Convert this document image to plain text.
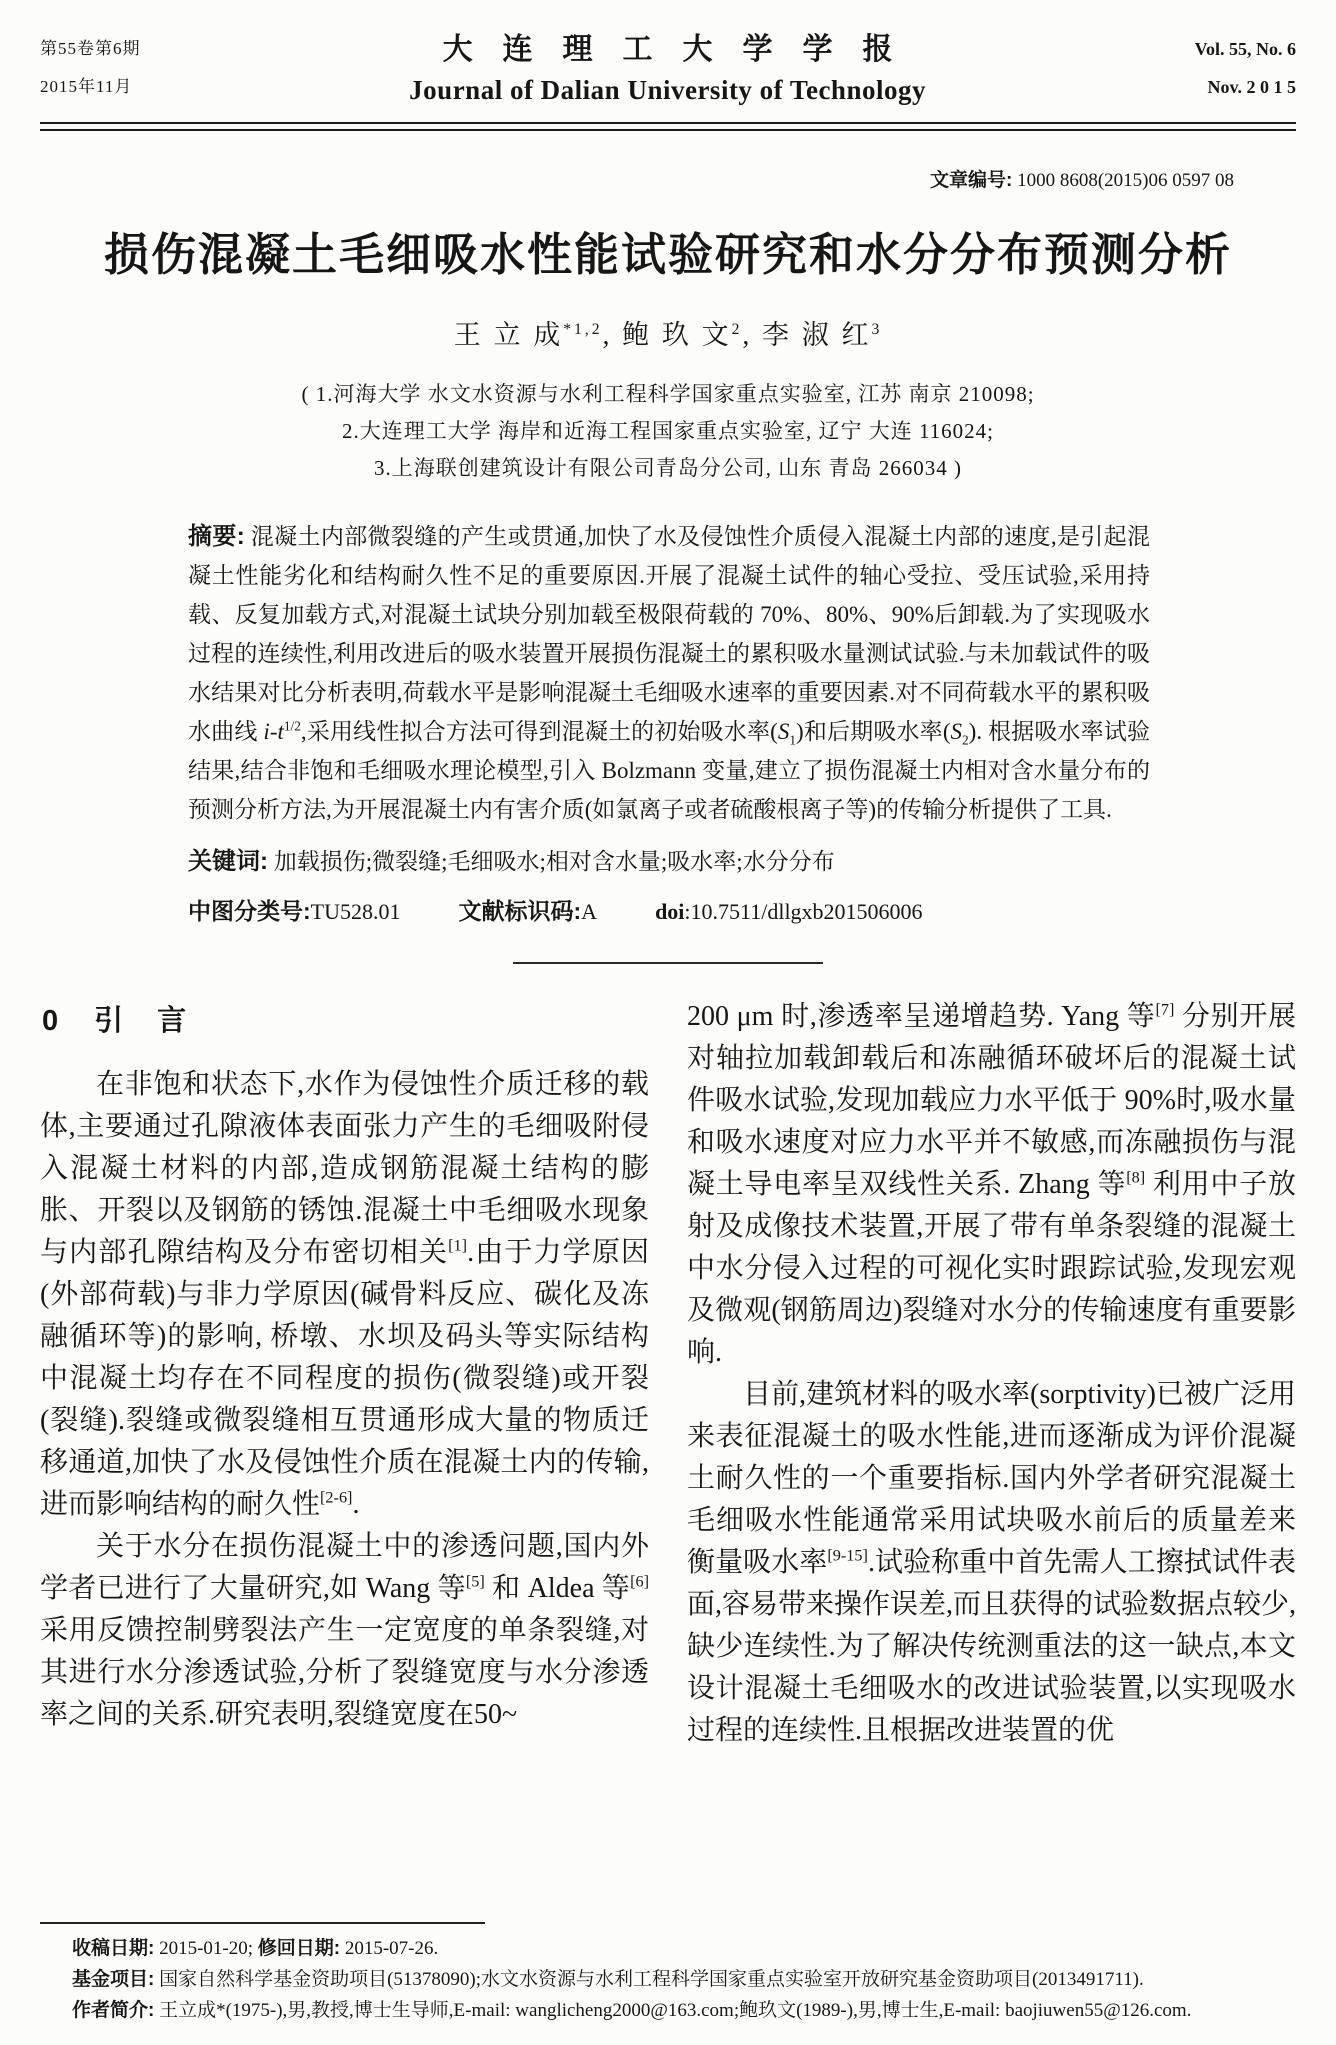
第55卷第6期
2015年11月
大连理工大学学报
Journal of Dalian University of Technology
Vol. 55, No. 6
Nov. 2 0 1 5
文章编号: 1000 8608(2015)06 0597 08
损伤混凝土毛细吸水性能试验研究和水分分布预测分析
王 立 成$^{*1,2}$, 鲍 玖 文$^2$, 李 淑 红$^3$
( 1.河海大学 水文水资源与水利工程科学国家重点实验室, 江苏 南京 210098;
2.大连理工大学 海岸和近海工程国家重点实验室, 辽宁 大连 116024;
3.上海联创建筑设计有限公司青岛分公司, 山东 青岛 266034 )
摘要: 混凝土内部微裂缝的产生或贯通,加快了水及侵蚀性介质侵入混凝土内部的速度,是引起混凝土性能劣化和结构耐久性不足的重要原因.开展了混凝土试件的轴心受拉、受压试验,采用持载、反复加载方式,对混凝土试块分别加载至极限荷载的 70%、80%、90%后卸载.为了实现吸水过程的连续性,利用改进后的吸水装置开展损伤混凝土的累积吸水量测试试验.与未加载试件的吸水结果对比分析表明,荷载水平是影响混凝土毛细吸水速率的重要因素.对不同荷载水平的累积吸水曲线 $i-t^{1/2}$,采用线性拟合方法可得到混凝土的初始吸水率$(S_1)$和后期吸水率$(S_2)$. 根据吸水率试验结果,结合非饱和毛细吸水理论模型,引入 Bolzmann 变量,建立了损伤混凝土内相对含水量分布的预测分析方法,为开展混凝土内有害介质(如氯离子或者硫酸根离子等)的传输分析提供了工具.
关键词: 加载损伤;微裂缝;毛细吸水;相对含水量;吸水率;水分分布
中图分类号:TU528.01	文献标识码:A	doi:10.7511/dllgxb201506006
0 引言

在非饱和状态下,水作为侵蚀性介质迁移的载体,主要通过孔隙液体表面张力产生的毛细吸附侵入混凝土材料的内部,造成钢筋混凝土结构的膨胀、开裂以及钢筋的锈蚀.混凝土中毛细吸水现象与内部孔隙结构及分布密切相关[1].由于力学原因(外部荷载)与非力学原因(碱骨料反应、碳化及冻融循环等)的影响, 桥墩、水坝及码头等实际结构中混凝土均存在不同程度的损伤(微裂缝)或开裂(裂缝).裂缝或微裂缝相互贯通形成大量的物质迁移通道,加快了水及侵蚀性介质在混凝土内的传输,进而影响结构的耐久性[2-6].

关于水分在损伤混凝土中的渗透问题,国内外学者已进行了大量研究,如 Wang 等[5] 和 Aldea 等[6]采用反馈控制劈裂法产生一定宽度的单条裂缝,对其进行水分渗透试验,分析了裂缝宽度与水分渗透率之间的关系.研究表明,裂缝宽度在50~

200 μm 时,渗透率呈递增趋势. Yang 等[7] 分别开展对轴拉加载卸载后和冻融循环破坏后的混凝土试件吸水试验,发现加载应力水平低于 90%时,吸水量和吸水速度对应力水平并不敏感,而冻融损伤与混凝土导电率呈双线性关系. Zhang 等[8] 利用中子放射及成像技术装置,开展了带有单条裂缝的混凝土中水分侵入过程的可视化实时跟踪试验,发现宏观及微观(钢筋周边)裂缝对水分的传输速度有重要影响.

目前,建筑材料的吸水率(sorptivity)已被广泛用来表征混凝土的吸水性能,进而逐渐成为评价混凝土耐久性的一个重要指标.国内外学者研究混凝土毛细吸水性能通常采用试块吸水前后的质量差来衡量吸水率[9-15].试验称重中首先需人工擦拭试件表面,容易带来操作误差,而且获得的试验数据点较少,缺少连续性.为了解决传统测重法的这一缺点,本文设计混凝土毛细吸水的改进试验装置,以实现吸水过程的连续性.且根据改进装置的优

收稿日期: 2015-01-20; 修回日期: 2015-07-26.

基金项目: 国家自然科学基金资助项目(51378090);水文水资源与水利工程科学国家重点实验室开放研究基金资助项目(2013491711).

作者简介: 王立成*(1975-),男,教授,博士生导师,E-mail: wanglicheng2000@163.com;鲍玖文(1989-),男,博士生,E-mail: baojiuwen55@126.com.
